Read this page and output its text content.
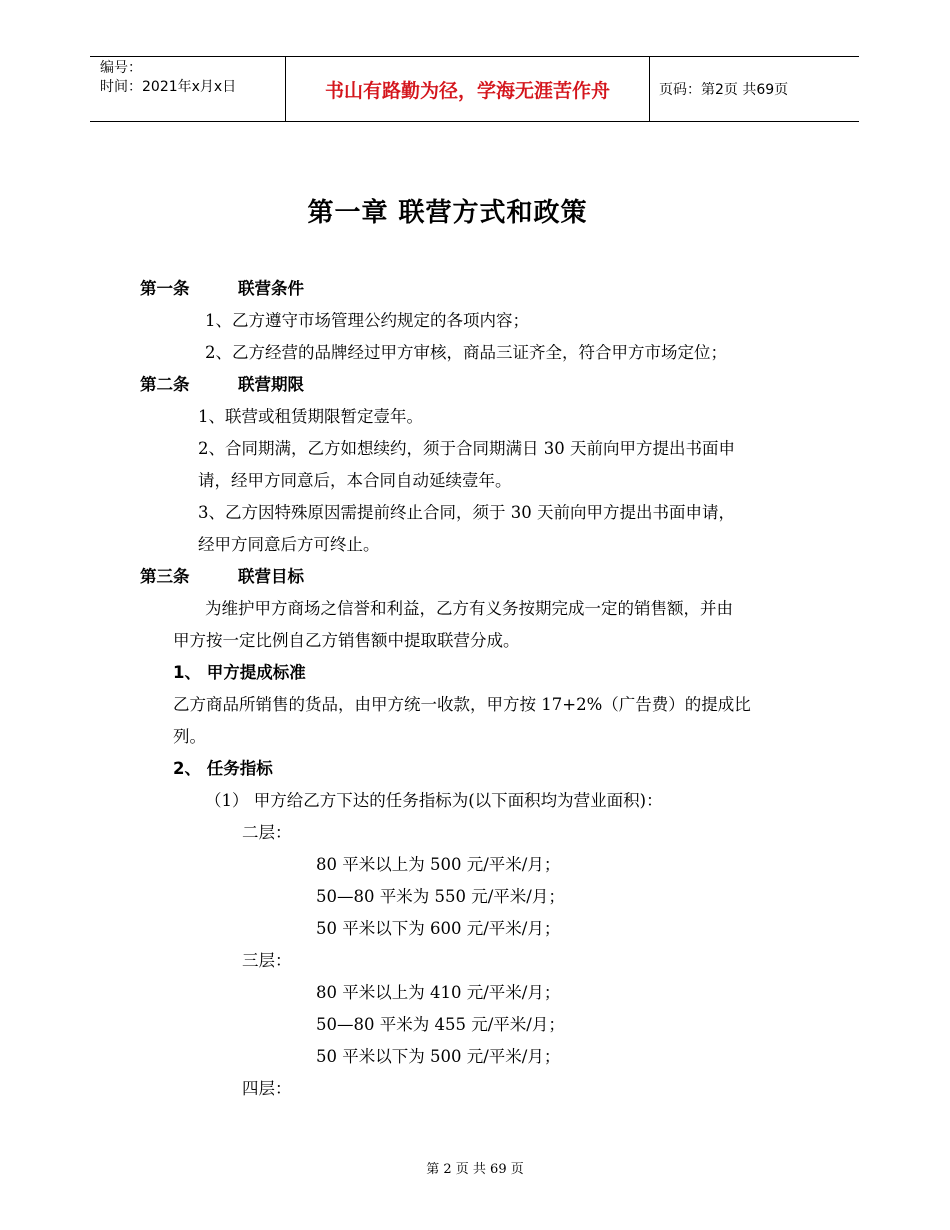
编号：
时间：2021年x月x日	书山有路勤为径，学海无涯苦作舟	页码：第2页 共69页
第一章 联营方式和政策
第一条	联营条件
1、乙方遵守市场管理公约规定的各项内容；
2、乙方经营的品牌经过甲方审核，商品三证齐全，符合甲方市场定位；
第二条	联营期限
1、联营或租赁期限暂定壹年。
2、合同期满，乙方如想续约，须于合同期满日 30 天前向甲方提出书面申
请，经甲方同意后，本合同自动延续壹年。
3、乙方因特殊原因需提前终止合同，须于 30 天前向甲方提出书面申请，
经甲方同意后方可终止。
第三条	联营目标
为维护甲方商场之信誉和利益，乙方有义务按期完成一定的销售额，并由
甲方按一定比例自乙方销售额中提取联营分成。
1、 甲方提成标准
乙方商品所销售的货品，由甲方统一收款，甲方按 17+2%（广告费）的提成比
列。
2、 任务指标
（1） 甲方给乙方下达的任务指标为(以下面积均为营业面积)：
二层：
80 平米以上为 500 元/平米/月；
50—80 平米为 550 元/平米/月；
50 平米以下为 600 元/平米/月；
三层：
80 平米以上为 410 元/平米/月；
50—80 平米为 455 元/平米/月；
50 平米以下为 500 元/平米/月；
四层：
第 2 页 共 69 页
